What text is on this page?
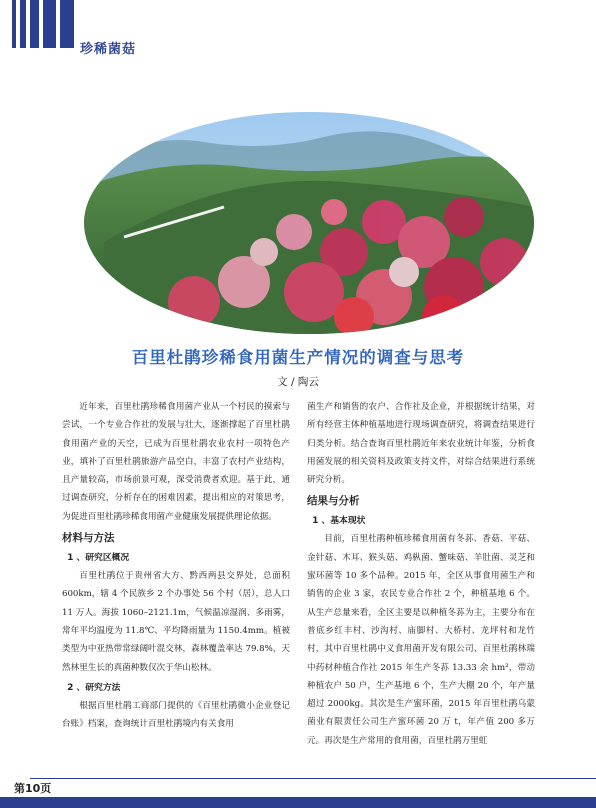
珍稀菌菇
百里杜鹃珍稀食用菌生产情况的调查与思考
文 / 陶云

近年来，百里杜鹃珍稀食用菌产业从一个村民的摸索与尝试，一个专业合作社的发展与壮大，逐渐撑起了百里杜鹃食用菌产业的天空，已成为百里杜鹃农业农村一项特色产业，填补了百里杜鹃旅游产品空白，丰富了农村产业结构，且产量较高，市场前景可观，深受消费者欢迎。基于此，通过调查研究，分析存在的困难因素，提出相应的对策思考，为促进百里杜鹃珍稀食用菌产业健康发展提供理论依据。

材料与方法
1 、研究区概况

百里杜鹃位于贵州省大方、黔西两县交界处，总面积 600km，辖 4 个民族乡 2 个办事处 56 个村（居），总人口 11 万人。海拔 1060–2121.1m，气候温凉湿润、多雨雾，常年平均温度为 11.8℃、平均降雨量为 1150.4mm。植被类型为中亚热带常绿阔叶混交林，森林覆盖率达 79.8%，天然林里生长的真菌种数仅次于华山松林。

2 、研究方法

根据百里杜鹃工商部门提供的《百里杜鹃微小企业登记台账》档案，查询统计百里杜鹃境内有关食用

菌生产和销售的农户、合作社及企业，并根据统计结果，对所有经营主体种植基地进行现场调查研究，将调查结果进行归类分析。结合查询百里杜鹃近年来农业统计年鉴，分析食用菌发展的相关资料及政策支持文件，对综合结果进行系统研究分析。

结果与分析
1 、基本现状

目前，百里杜鹃种植珍稀食用菌有冬荪、香菇、平菇、金针菇、木耳、猴头菇、鸡枞菌、蟹味菇、羊肚菌、灵芝和蜜环菌等 10 多个品种。2015 年，全区从事食用菌生产和销售的企业 3 家，农民专业合作社 2 个，种植基地 6 个。从生产总量来看，全区主要是以种植冬荪为主，主要分布在普底乡红丰村、沙沟村、庙脚村、大桥村、龙坪村和龙竹村，其中百里杜鹃中义食用菌开发有限公司、百里杜鹃林瑞中药材种植合作社 2015 年生产冬荪 13.33 余 hm²，带动种植农户 50 户，生产基地 6 个，生产大棚 20 个，年产量超过 2000kg。其次是生产蜜环菌，2015 年百里杜鹃乌蒙菌业有限责任公司生产蜜环菌 20 万 t，年产值 200 多万元。再次是生产常用的食用菌，百里杜鹃万里虹

第10页
